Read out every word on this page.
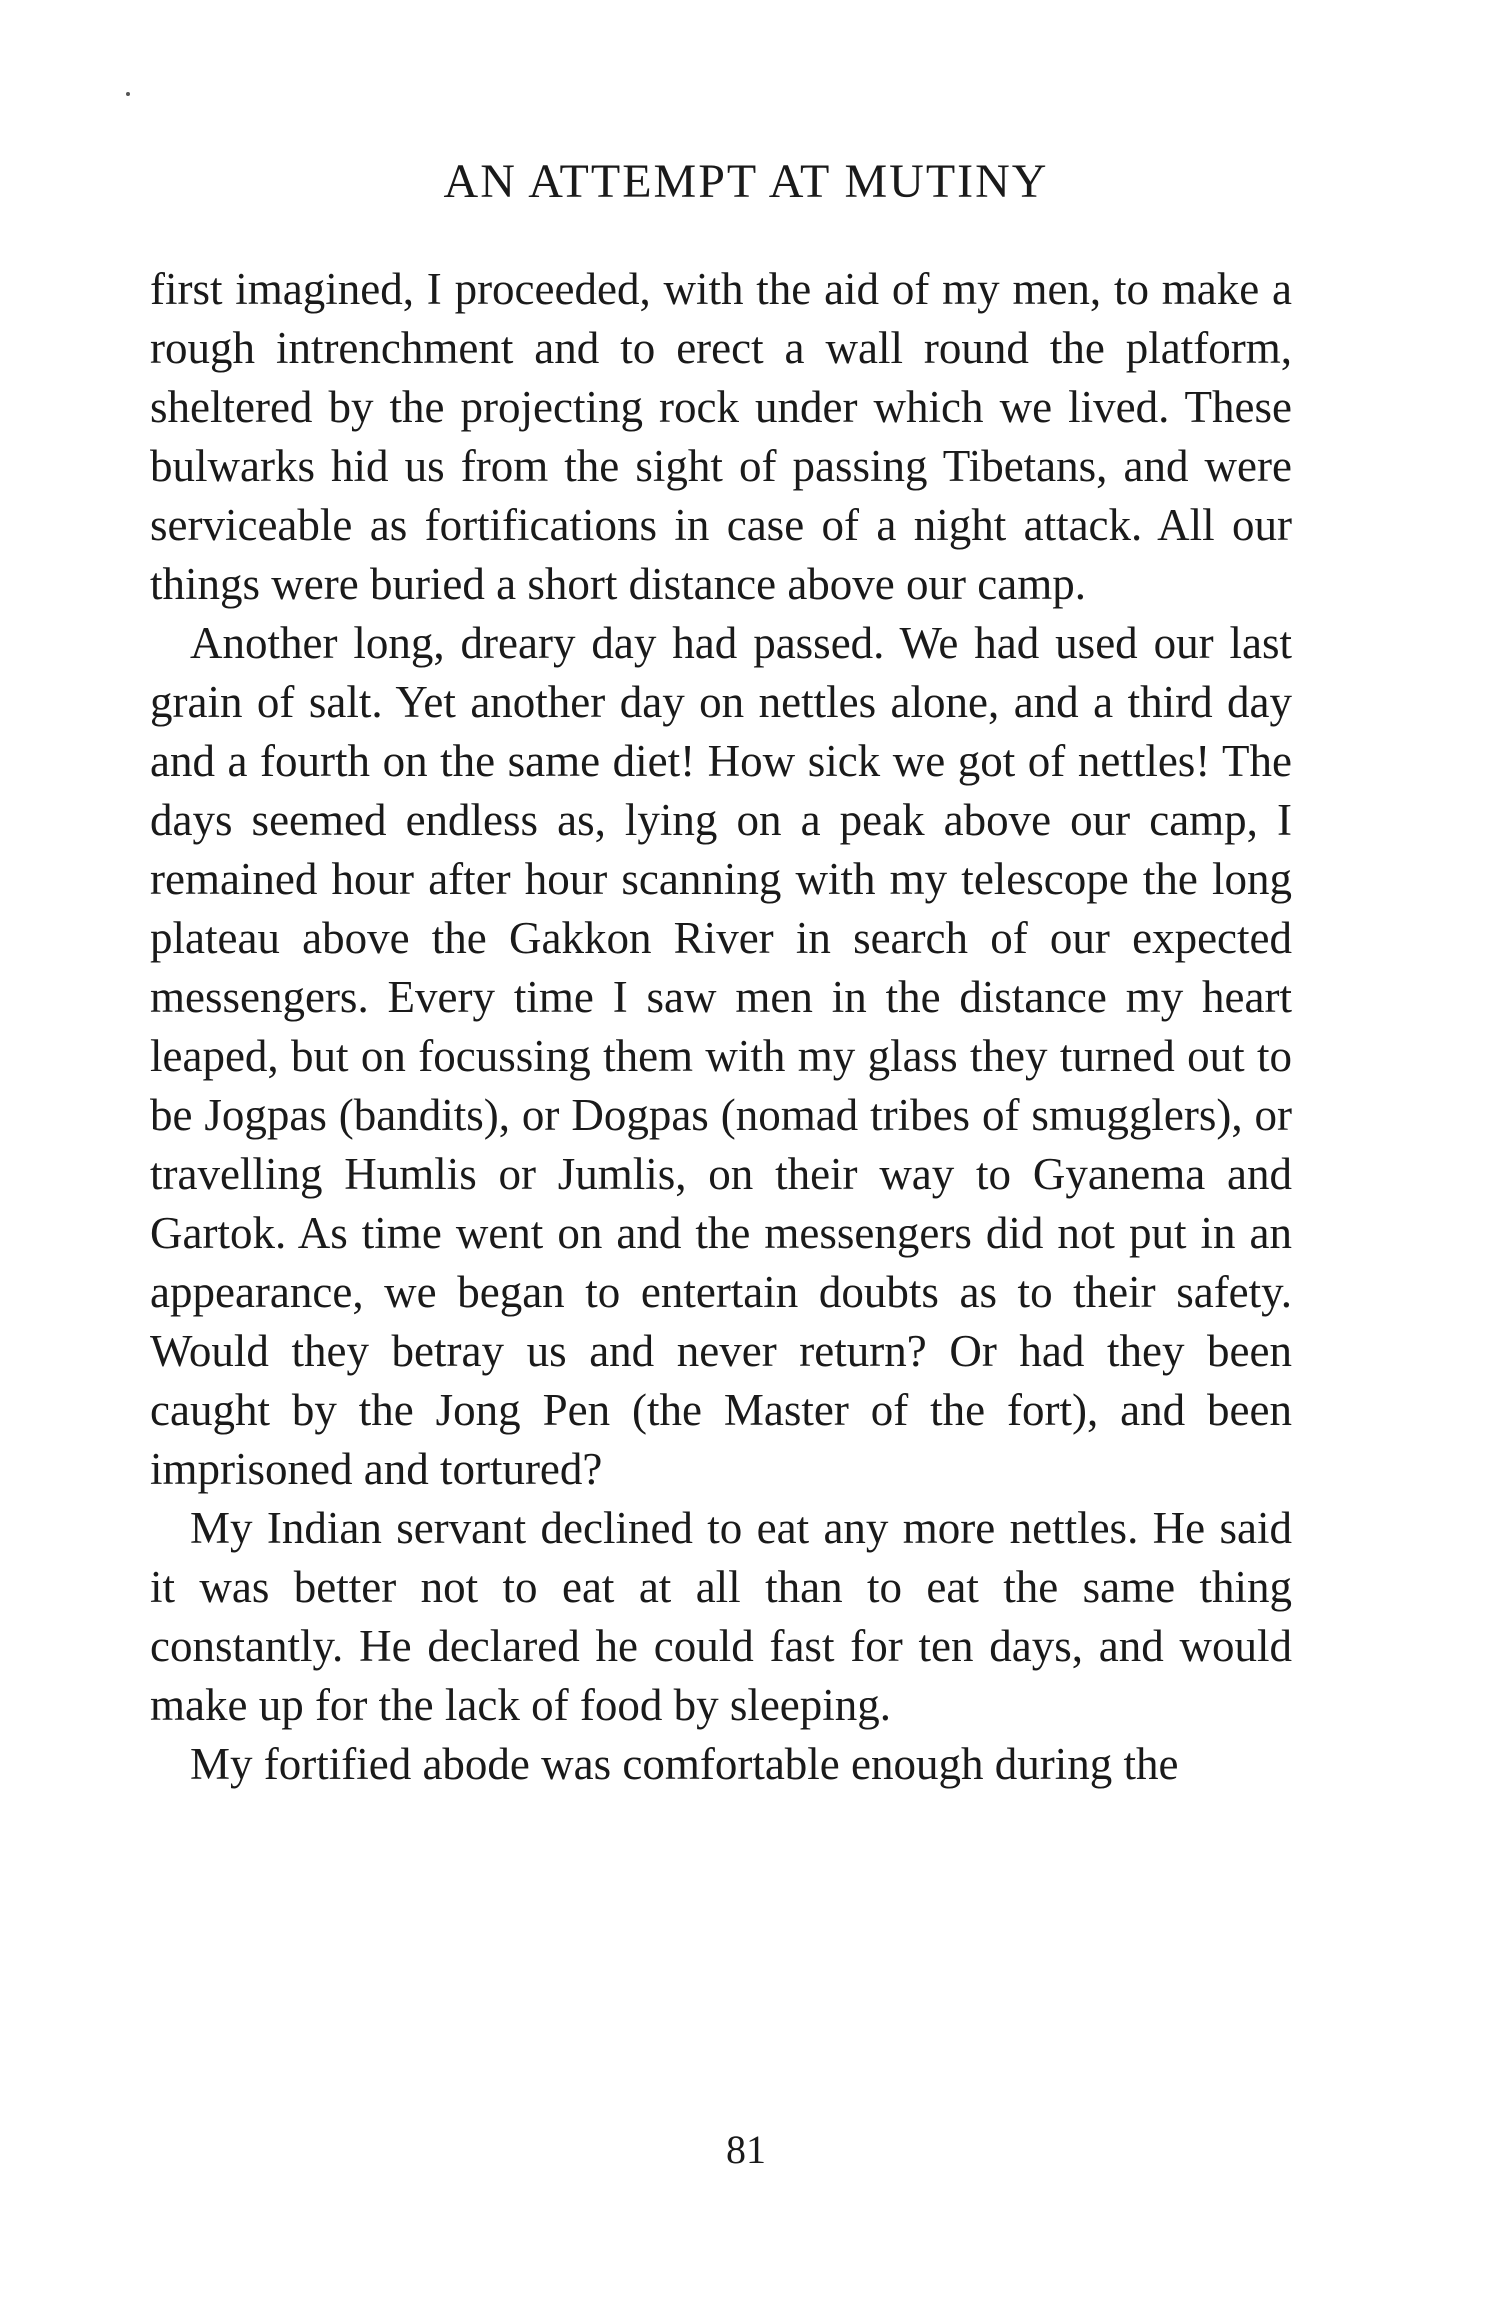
AN ATTEMPT AT MUTINY

first imagined, I proceeded, with the aid of my men, to make a rough intrenchment and to erect a wall round the platform, sheltered by the projecting rock under which we lived. These bulwarks hid us from the sight of passing Tibetans, and were serviceable as fortifications in case of a night attack. All our things were buried a short distance above our camp.

Another long, dreary day had passed. We had used our last grain of salt. Yet another day on nettles alone, and a third day and a fourth on the same diet! How sick we got of nettles! The days seemed endless as, lying on a peak above our camp, I remained hour after hour scanning with my telescope the long plateau above the Gakkon River in search of our expected messengers. Every time I saw men in the distance my heart leaped, but on focussing them with my glass they turned out to be Jogpas (bandits), or Dogpas (nomad tribes of smugglers), or travelling Humlis or Jumlis, on their way to Gyanema and Gartok. As time went on and the messengers did not put in an appearance, we began to entertain doubts as to their safety. Would they betray us and never return? Or had they been caught by the Jong Pen (the Master of the fort), and been imprisoned and tortured?

My Indian servant declined to eat any more nettles. He said it was better not to eat at all than to eat the same thing constantly. He declared he could fast for ten days, and would make up for the lack of food by sleeping.

My fortified abode was comfortable enough during the

81
